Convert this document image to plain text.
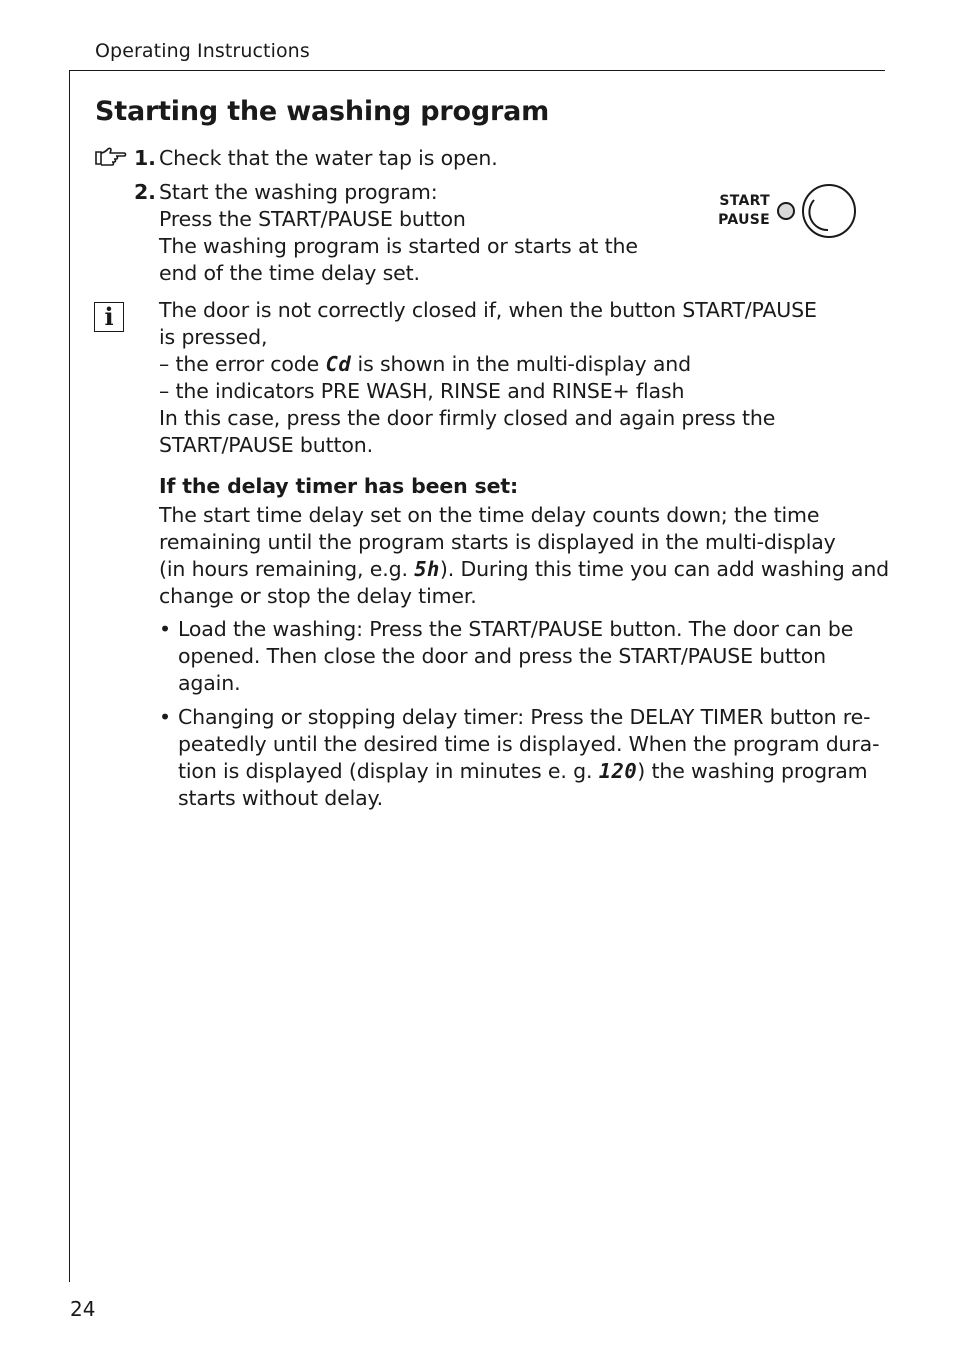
Operating Instructions
Starting the washing program
1. Check that the water tap is open.
2. Start the washing program:
Press the START/PAUSE button
The washing program is started or starts at the
end of the time delay set.
START
PAUSE
i	The door is not correctly closed if, when the button START/PAUSE
is pressed,
– the error code Cd is shown in the multi-display and
– the indicators PRE WASH, RINSE and RINSE+ flash
In this case, press the door firmly closed and again press the
START/PAUSE button.
If the delay timer has been set:
The start time delay set on the time delay counts down; the time
remaining until the program starts is displayed in the multi-display
(in hours remaining, e.g. 5h). During this time you can add washing and
change or stop the delay timer.
• Load the washing: Press the START/PAUSE button. The door can be
opened. Then close the door and press the START/PAUSE button
again.
• Changing or stopping delay timer: Press the DELAY TIMER button re-
peatedly until the desired time is displayed. When the program dura-
tion is displayed (display in minutes e. g. 120) the washing program
starts without delay.
24
